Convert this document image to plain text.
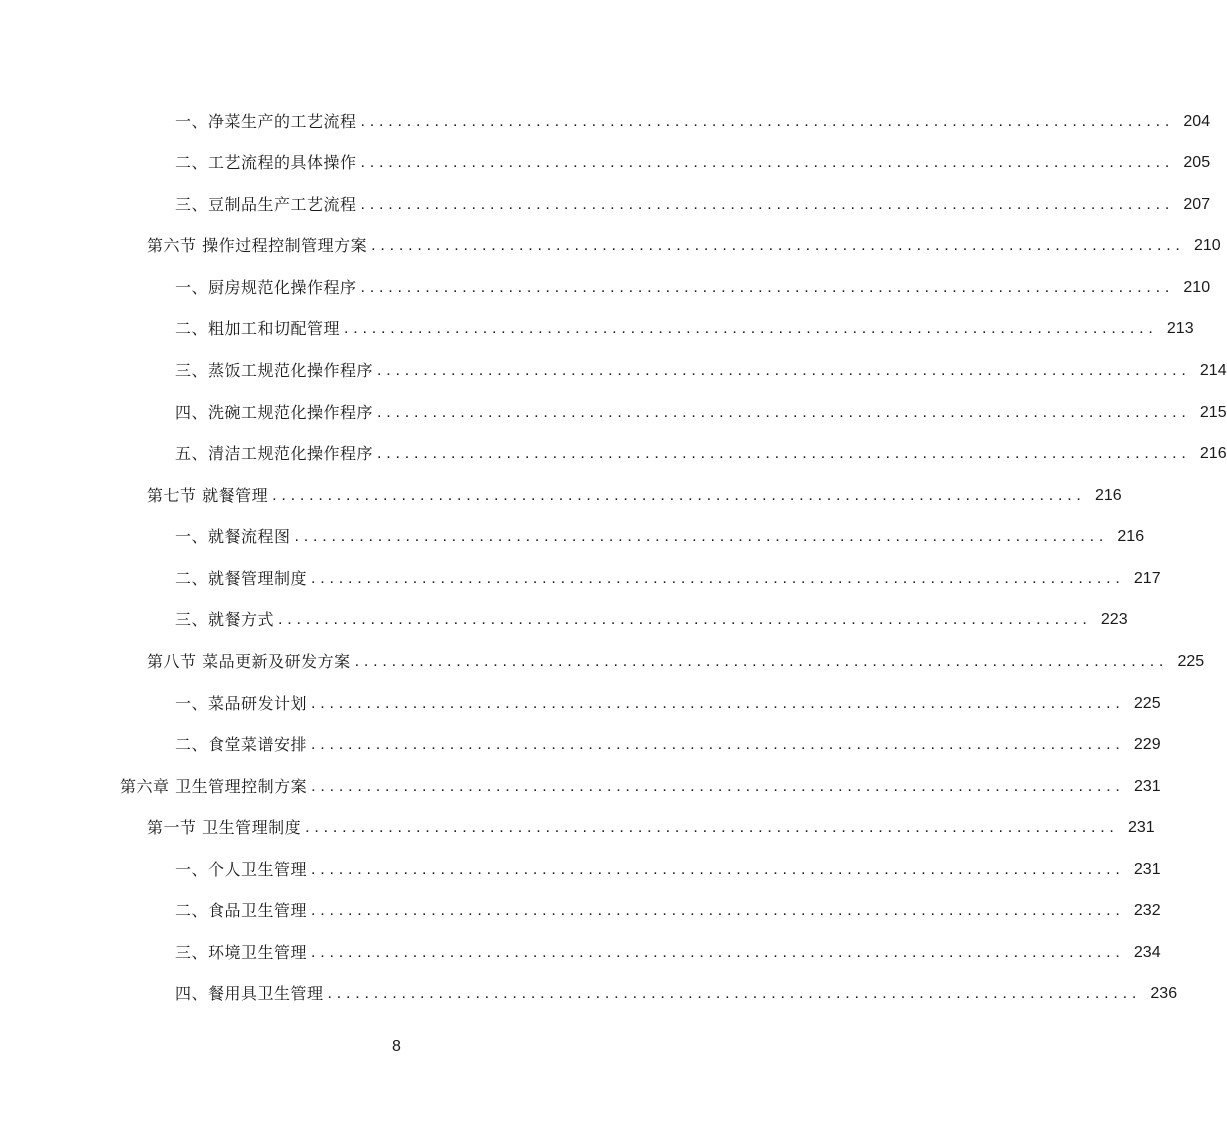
一、净菜生产的工艺流程 ........................................................................................ 204
二、工艺流程的具体操作 ........................................................................................ 205
三、豆制品生产工艺流程 ........................................................................................ 207
第六节 操作过程控制管理方案 ........................................................................................ 210
一、厨房规范化操作程序 ........................................................................................ 210
二、粗加工和切配管理 ........................................................................................ 213
三、蒸饭工规范化操作程序 ........................................................................................ 214
四、洗碗工规范化操作程序 ........................................................................................ 215
五、清洁工规范化操作程序 ........................................................................................ 216
第七节 就餐管理 ........................................................................................ 216
一、就餐流程图 ........................................................................................ 216
二、就餐管理制度 ........................................................................................ 217
三、就餐方式 ........................................................................................ 223
第八节 菜品更新及研发方案 ........................................................................................ 225
一、菜品研发计划 ........................................................................................ 225
二、食堂菜谱安排 ........................................................................................ 229
第六章 卫生管理控制方案 ........................................................................................ 231
第一节 卫生管理制度 ........................................................................................ 231
一、个人卫生管理 ........................................................................................ 231
二、食品卫生管理 ........................................................................................ 232
三、环境卫生管理 ........................................................................................ 234
四、餐用具卫生管理 ........................................................................................ 236
8
